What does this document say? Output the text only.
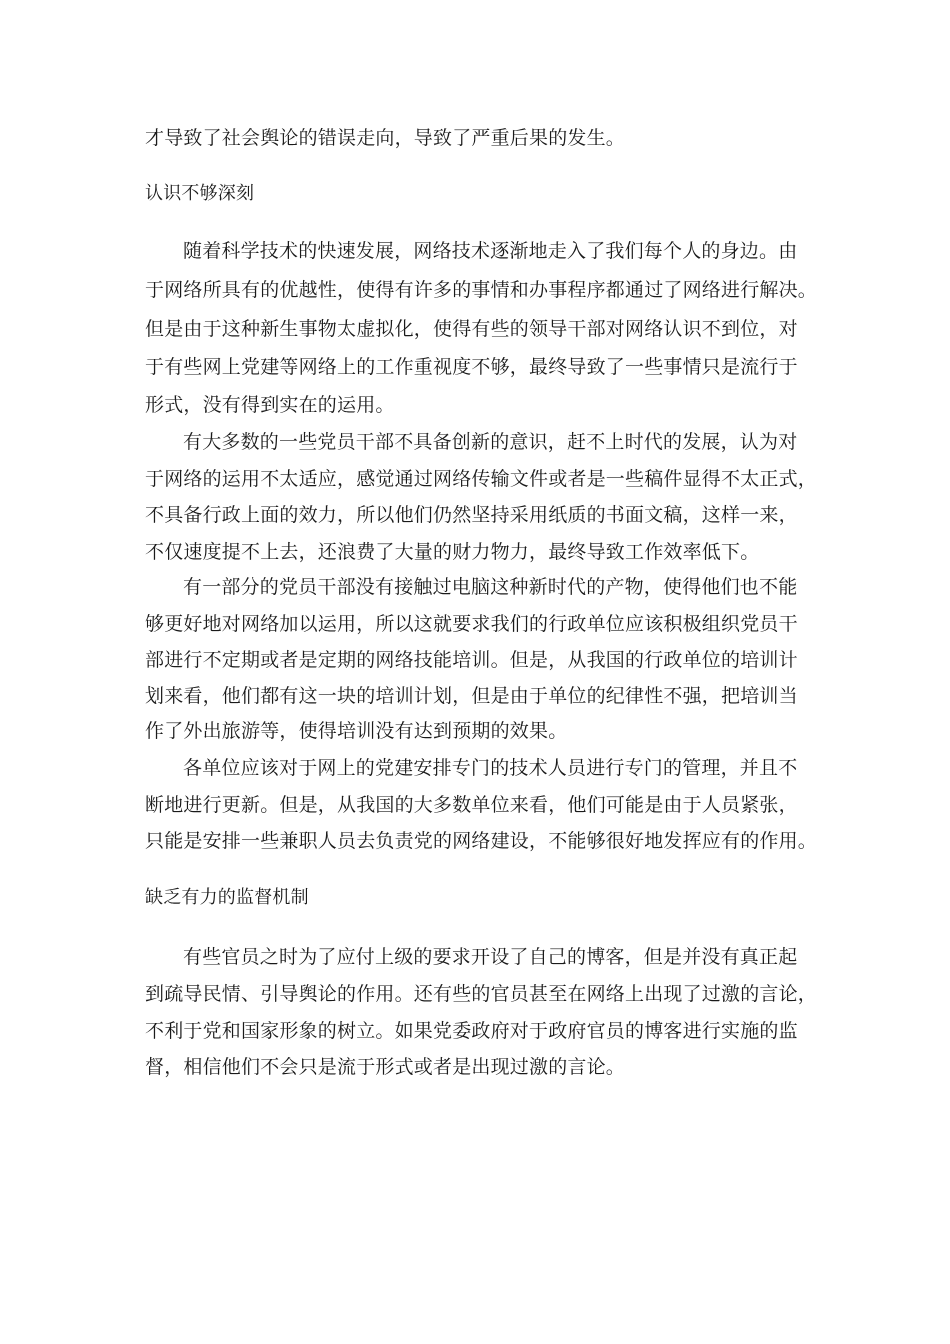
才导致了社会舆论的错误走向，导致了严重后果的发生。

认识不够深刻

随着科学技术的快速发展，网络技术逐渐地走入了我们每个人的身边。由

于网络所具有的优越性，使得有许多的事情和办事程序都通过了网络进行解决。

但是由于这种新生事物太虚拟化，使得有些的领导干部对网络认识不到位，对

于有些网上党建等网络上的工作重视度不够，最终导致了一些事情只是流行于

形式，没有得到实在的运用。

有大多数的一些党员干部不具备创新的意识，赶不上时代的发展，认为对

于网络的运用不太适应，感觉通过网络传输文件或者是一些稿件显得不太正式，

不具备行政上面的效力，所以他们仍然坚持采用纸质的书面文稿，这样一来，

不仅速度提不上去，还浪费了大量的财力物力，最终导致工作效率低下。

有一部分的党员干部没有接触过电脑这种新时代的产物，使得他们也不能

够更好地对网络加以运用，所以这就要求我们的行政单位应该积极组织党员干

部进行不定期或者是定期的网络技能培训。但是，从我国的行政单位的培训计

划来看，他们都有这一块的培训计划，但是由于单位的纪律性不强，把培训当

作了外出旅游等，使得培训没有达到预期的效果。

各单位应该对于网上的党建安排专门的技术人员进行专门的管理，并且不

断地进行更新。但是，从我国的大多数单位来看，他们可能是由于人员紧张，

只能是安排一些兼职人员去负责党的网络建设，不能够很好地发挥应有的作用。

缺乏有力的监督机制

有些官员之时为了应付上级的要求开设了自己的博客，但是并没有真正起

到疏导民情、引导舆论的作用。还有些的官员甚至在网络上出现了过激的言论，

不利于党和国家形象的树立。如果党委政府对于政府官员的博客进行实施的监

督，相信他们不会只是流于形式或者是出现过激的言论。
